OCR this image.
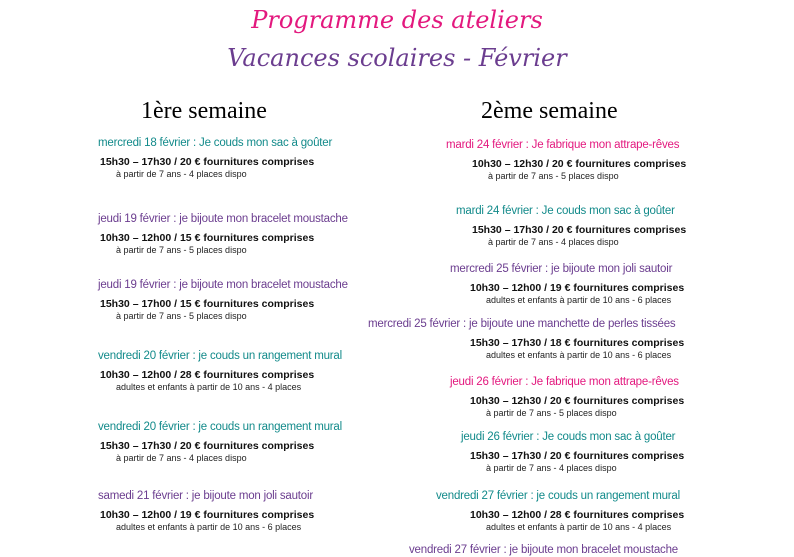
Programme des ateliers
Vacances scolaires - Février
1ère semaine	2ème semaine
mercredi 18 février : Je couds mon sac à goûter
15h30 – 17h30 / 20 € fournitures comprises
à partir de 7 ans - 4 places dispo
jeudi 19 février : je bijoute mon bracelet moustache
10h30 – 12h00 / 15 € fournitures comprises
à partir de 7 ans - 5 places dispo
jeudi 19 février : je bijoute mon bracelet moustache
15h30 – 17h00 / 15 € fournitures comprises
à partir de 7 ans - 5 places dispo
vendredi 20 février : je couds un rangement mural
10h30 – 12h00 / 28 € fournitures comprises
adultes et enfants à partir de 10 ans - 4 places
vendredi 20 février : je couds un rangement mural
15h30 – 17h30 / 20 € fournitures comprises
à partir de 7 ans - 4 places dispo
samedi 21 février : je bijoute mon joli sautoir
10h30 – 12h00 / 19 € fournitures comprises
adultes et enfants à partir de 10 ans - 6 places
mardi 24 février : Je fabrique mon attrape-rêves
10h30 – 12h30 / 20 € fournitures comprises
à partir de 7 ans - 5 places dispo
mardi 24 février : Je couds mon sac à goûter
15h30 – 17h30 / 20 € fournitures comprises
à partir de 7 ans - 4 places dispo
mercredi 25 février : je bijoute mon joli sautoir
10h30 – 12h00 / 19 € fournitures comprises
adultes et enfants à partir de 10 ans - 6 places
mercredi 25 février : je bijoute une manchette de perles tissées
15h30 – 17h30 / 18 € fournitures comprises
adultes et enfants à partir de 10 ans - 6 places
jeudi 26 février : Je fabrique mon attrape-rêves
10h30 – 12h30 / 20 € fournitures comprises
à partir de 7 ans - 5 places dispo
jeudi 26 février : Je couds mon sac à goûter
15h30 – 17h30 / 20 € fournitures comprises
à partir de 7 ans - 4 places dispo
vendredi 27 février : je couds un rangement mural
10h30 – 12h00 / 28 € fournitures comprises
adultes et enfants à partir de 10 ans - 4 places
vendredi 27 février : je bijoute mon bracelet moustache
